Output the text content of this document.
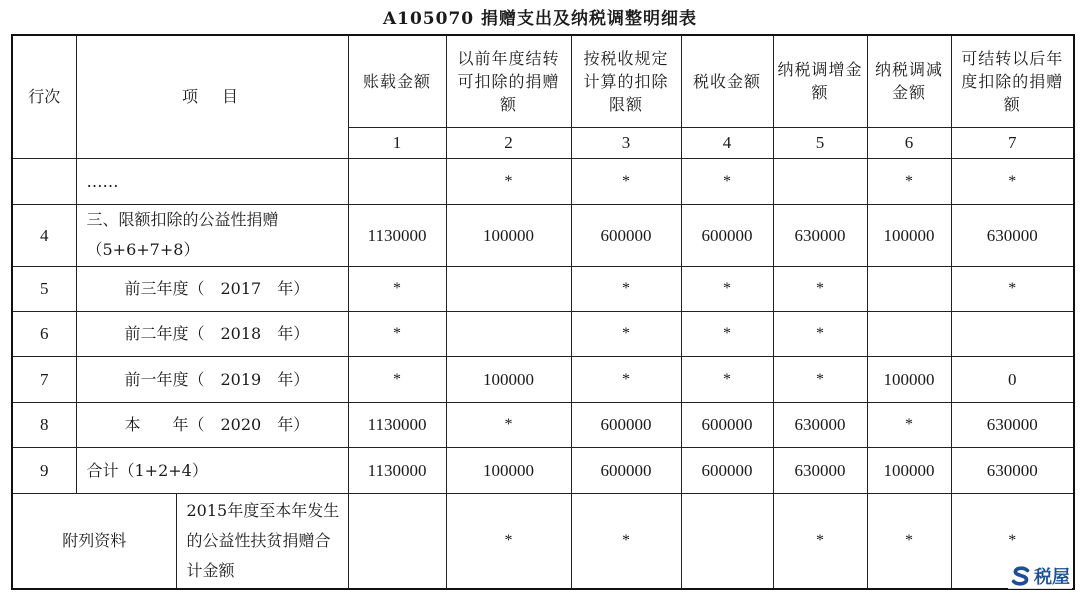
A105070 捐赠支出及纳税调整明细表
行次	项　目		账载金额	以前年度结转可扣除的捐赠额	按税收规定计算的扣除限额	税收金额	纳税调增金额	纳税调减金额	可结转以后年度扣除的捐赠额
			1	2	3	4	5	6	7
	……			*	*	*		*	*
4	三、限额扣除的公益性捐赠（5+6+7+8）		1130000	100000	600000	600000	630000	100000	630000
5	前三年度（　2017　年）		*		*	*	*		*
6	前二年度（　2018　年）		*		*	*	*		
7	前一年度（　2019　年）		*	100000	*	*	*	100000	0
8	本　　年（　2020　年）		1130000	*	600000	600000	630000	*	630000
9	合计（1+2+4）		1130000	100000	600000	600000	630000	100000	630000
附列资料		2015年度至本年发生的公益性扶贫捐赠合计金额		*	*		*	*	*
税屋
